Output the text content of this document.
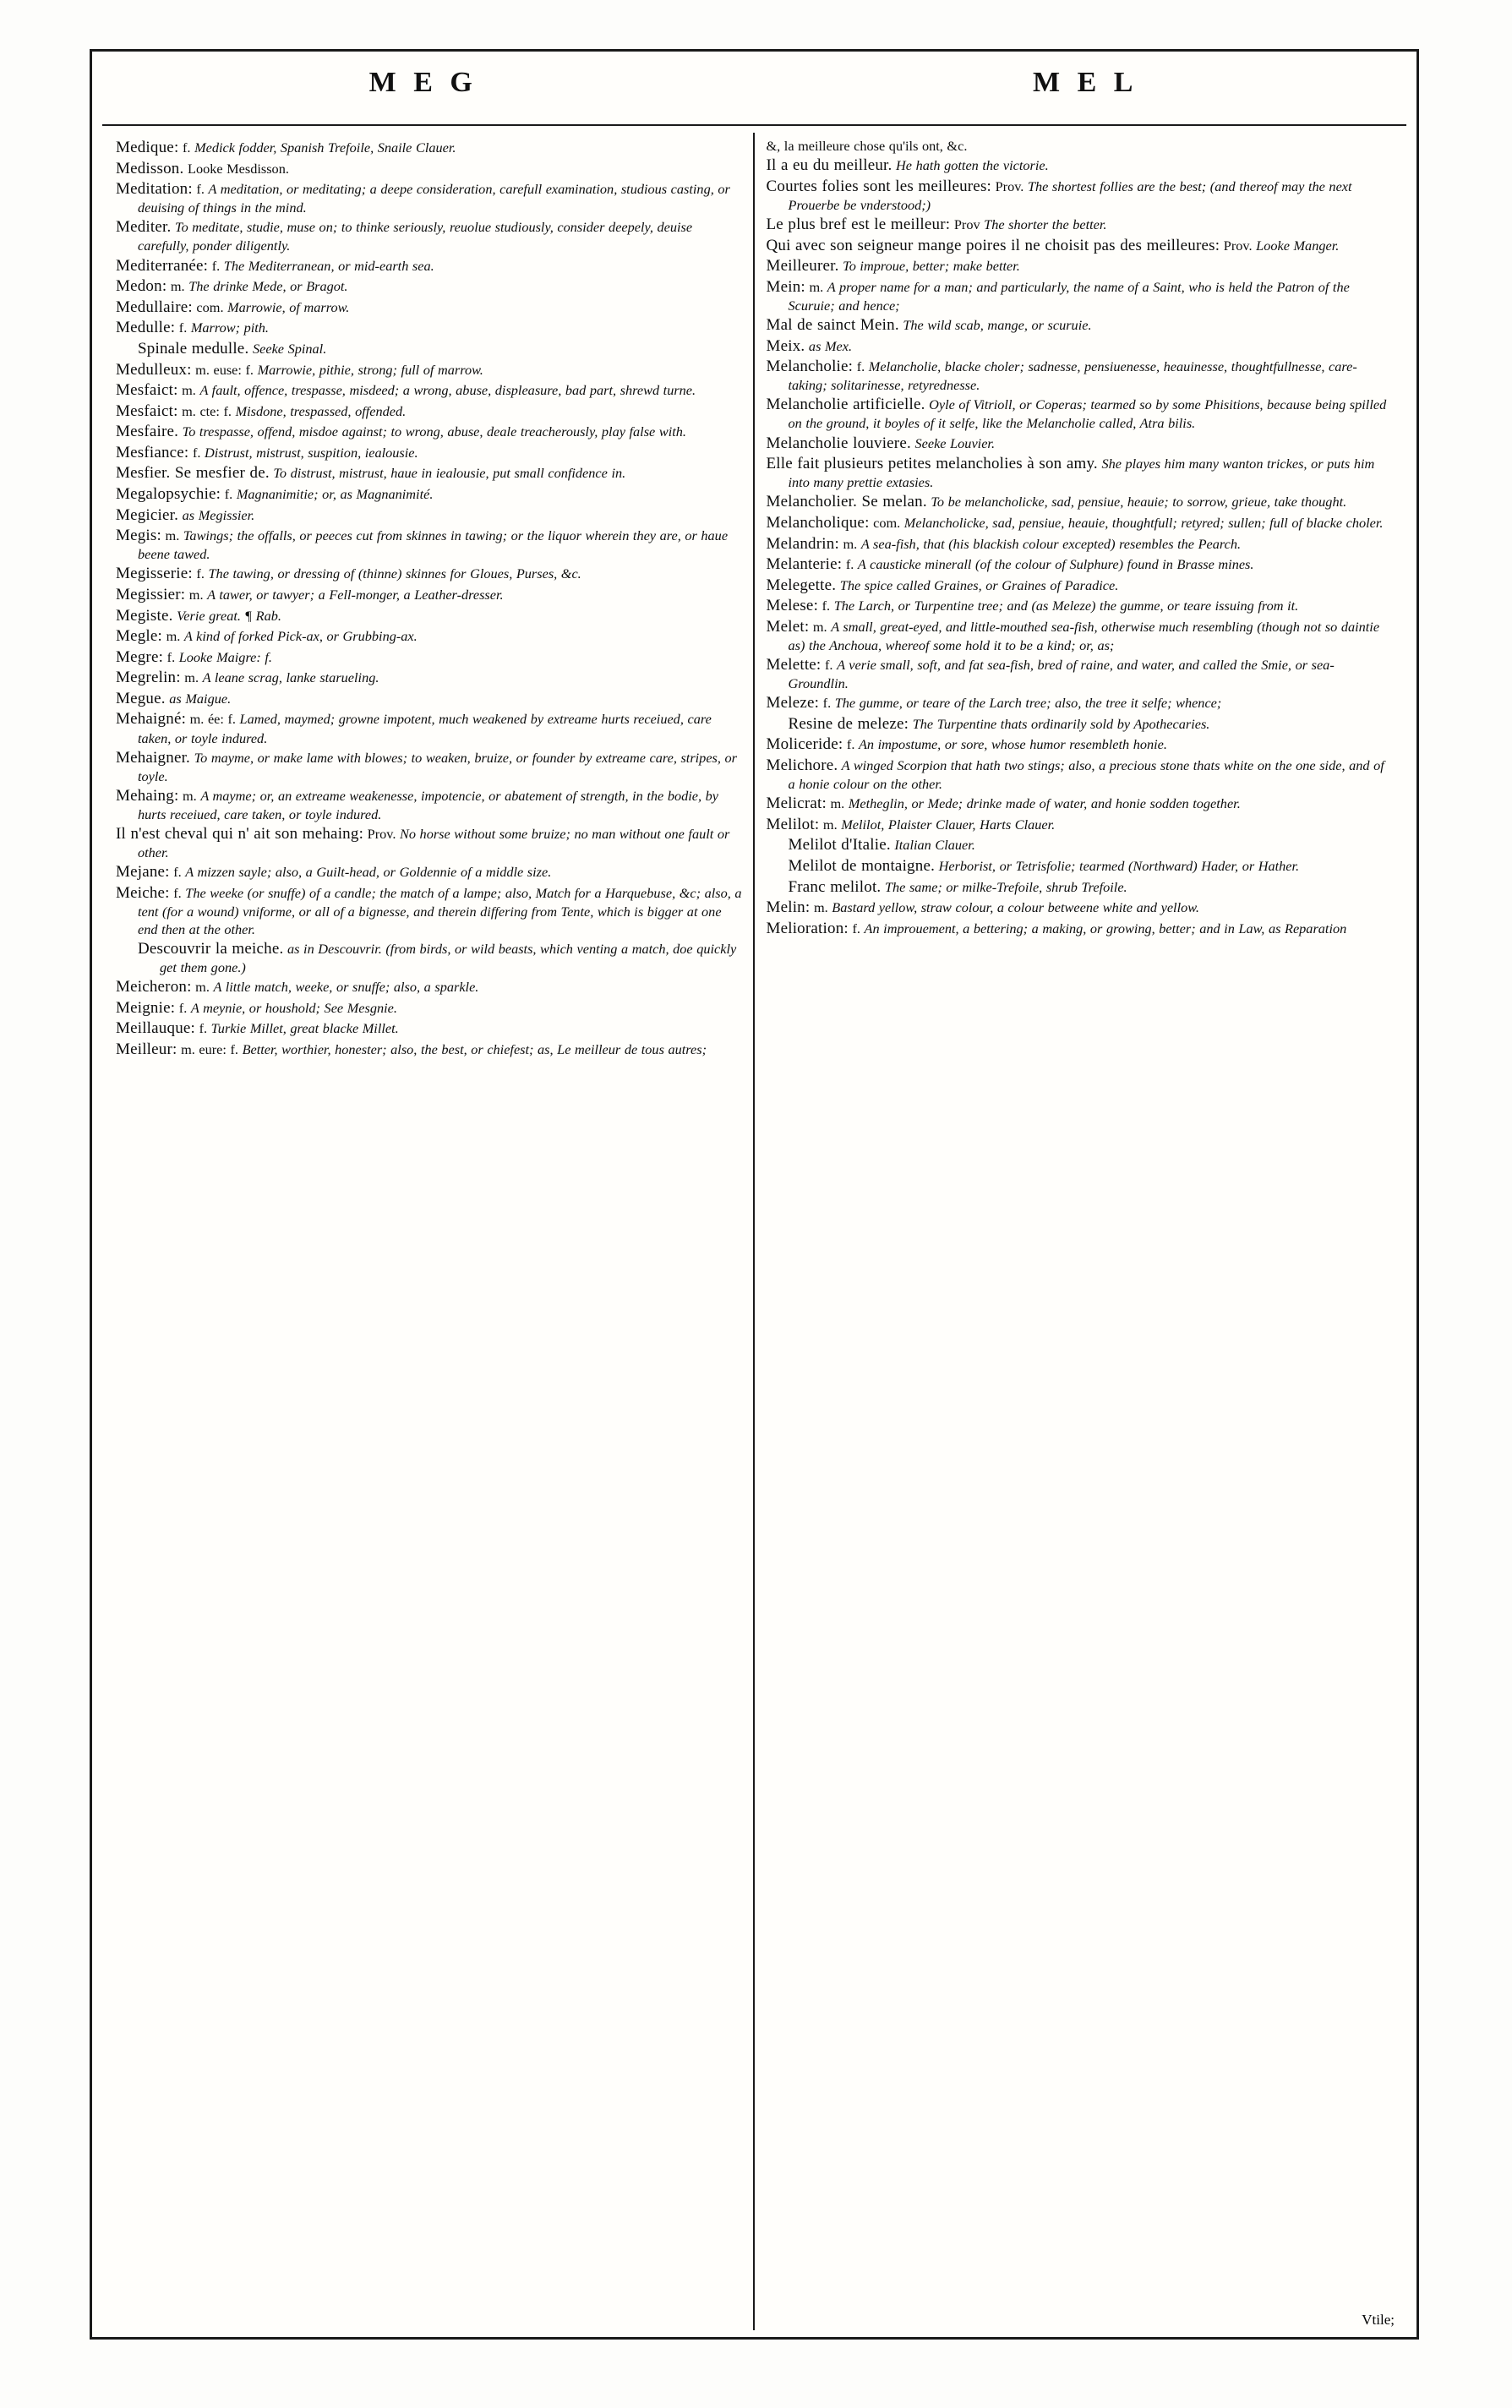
M E G	M E L

Medique: f. Medick fodder, Spanish Trefoile, Snaile Clauer.

Medisson. Looke Mesdisson.

Meditation: f. A meditation, or meditating; a deepe consideration, carefull examination, studious casting, or deuising of things in the mind.

Mediter. To meditate, studie, muse on; to thinke seriously, reuolue studiously, consider deepely, deuise carefully, ponder diligently.

Mediterranée: f. The Mediterranean, or mid-earth sea.

Medon: m. The drinke Mede, or Bragot.

Medullaire: com. Marrowie, of marrow.

Medulle: f. Marrow; pith.

Spinale medulle. Seeke Spinal.

Medulleux: m. euse: f. Marrowie, pithie, strong; full of marrow.

Mesfaict: m. A fault, offence, trespasse, misdeed; a wrong, abuse, displeasure, bad part, shrewd turne.

Mesfaict: m. cte: f. Misdone, trespassed, offended.

Mesfaire. To trespasse, offend, misdoe against; to wrong, abuse, deale treacherously, play false with.

Mesfiance: f. Distrust, mistrust, suspition, iealousie.

Mesfier. Se mesfier de. To distrust, mistrust, haue in iealousie, put small confidence in.

Megalopsychie: f. Magnanimitie; or, as Magnanimité.

Megicier. as Megissier.

Megis: m. Tawings; the offalls, or peeces cut from skinnes in tawing; or the liquor wherein they are, or haue beene tawed.

Megisserie: f. The tawing, or dressing of (thinne) skinnes for Gloues, Purses, &c.

Megissier: m. A tawer, or tawyer; a Fell-monger, a Leather-dresser.

Megiste. Verie great. ¶ Rab.

Megle: m. A kind of forked Pick-ax, or Grubbing-ax.

Megre: f. Looke Maigre: f.

Megrelin: m. A leane scrag, lanke starueling.

Megue. as Maigue.

Mehaigné: m. ée: f. Lamed, maymed; growne impotent, much weakened by extreame hurts receiued, care taken, or toyle indured.

Mehaigner. To mayme, or make lame with blowes; to weaken, bruize, or founder by extreame care, stripes, or toyle.

Mehaing: m. A mayme; or, an extreame weakenesse, impotencie, or abatement of strength, in the bodie, by hurts receiued, care taken, or toyle indured.

Il n'est cheval qui n' ait son mehaing: Prov. No horse without some bruize; no man without one fault or other.

Mejane: f. A mizzen sayle; also, a Guilt-head, or Goldennie of a middle size.

Meiche: f. The weeke (or snuffe) of a candle; the match of a lampe; also, Match for a Harquebuse, &c; also, a tent (for a wound) vniforme, or all of a bignesse, and therein differing from Tente, which is bigger at one end then at the other.

Descouvrir la meiche. as in Descouvrir. (from birds, or wild beasts, which venting a match, doe quickly get them gone.)

Meicheron: m. A little match, weeke, or snuffe; also, a sparkle.

Meignie: f. A meynie, or houshold; See Mesgnie.

Meillauque: f. Turkie Millet, great blacke Millet.

Meilleur: m. eure: f. Better, worthier, honester; also, the best, or chiefest; as, Le meilleur de tous autres;

&, la meilleure chose qu'ils ont, &c.

Il a eu du meilleur. He hath gotten the victorie.

Courtes folies sont les meilleures: Prov. The shortest follies are the best; (and thereof may the next Prouerbe be vnderstood;)

Le plus bref est le meilleur: Prov The shorter the better.

Qui avec son seigneur mange poires il ne choisit pas des meilleures: Prov. Looke Manger.

Meilleurer. To improue, better; make better.

Mein: m. A proper name for a man; and particularly, the name of a Saint, who is held the Patron of the Scuruie; and hence;

Mal de sainct Mein. The wild scab, mange, or scuruie.

Meix. as Mex.

Melancholie: f. Melancholie, blacke choler; sadnesse, pensiuenesse, heauinesse, thoughtfullnesse, care-taking; solitarinesse, retyrednesse.

Melancholie artificielle. Oyle of Vitrioll, or Coperas; tearmed so by some Phisitions, because being spilled on the ground, it boyles of it selfe, like the Melancholie called, Atra bilis.

Melancholie louviere. Seeke Louvier.

Elle fait plusieurs petites melancholies à son amy. She playes him many wanton trickes, or puts him into many prettie extasies.

Melancholier. Se melan. To be melancholicke, sad, pensiue, heauie; to sorrow, grieue, take thought.

Melancholique: com. Melancholicke, sad, pensiue, heauie, thoughtfull; retyred; sullen; full of blacke choler.

Melandrin: m. A sea-fish, that (his blackish colour excepted) resembles the Pearch.

Melanterie: f. A causticke minerall (of the colour of Sulphure) found in Brasse mines.

Melegette. The spice called Graines, or Graines of Paradice.

Melese: f. The Larch, or Turpentine tree; and (as Meleze) the gumme, or teare issuing from it.

Melet: m. A small, great-eyed, and little-mouthed sea-fish, otherwise much resembling (though not so daintie as) the Anchoua, whereof some hold it to be a kind; or, as;

Melette: f. A verie small, soft, and fat sea-fish, bred of raine, and water, and called the Smie, or sea-Groundlin.

Meleze: f. The gumme, or teare of the Larch tree; also, the tree it selfe; whence;

Resine de meleze: The Turpentine thats ordinarily sold by Apothecaries.

Moliceride: f. An impostume, or sore, whose humor resembleth honie.

Melichore. A winged Scorpion that hath two stings; also, a precious stone thats white on the one side, and of a honie colour on the other.

Melicrat: m. Metheglin, or Mede; drinke made of water, and honie sodden together.

Melilot: m. Melilot, Plaister Clauer, Harts Clauer.

Melilot d'Italie. Italian Clauer.

Melilot de montaigne. Herborist, or Tetrisfolie; tearmed (Northward) Hader, or Hather.

Franc melilot. The same; or milke-Trefoile, shrub Trefoile.

Melin: m. Bastard yellow, straw colour, a colour betweene white and yellow.

Melioration: f. An improuement, a bettering; a making, or growing, better; and in Law, as Reparation

Vtile;
